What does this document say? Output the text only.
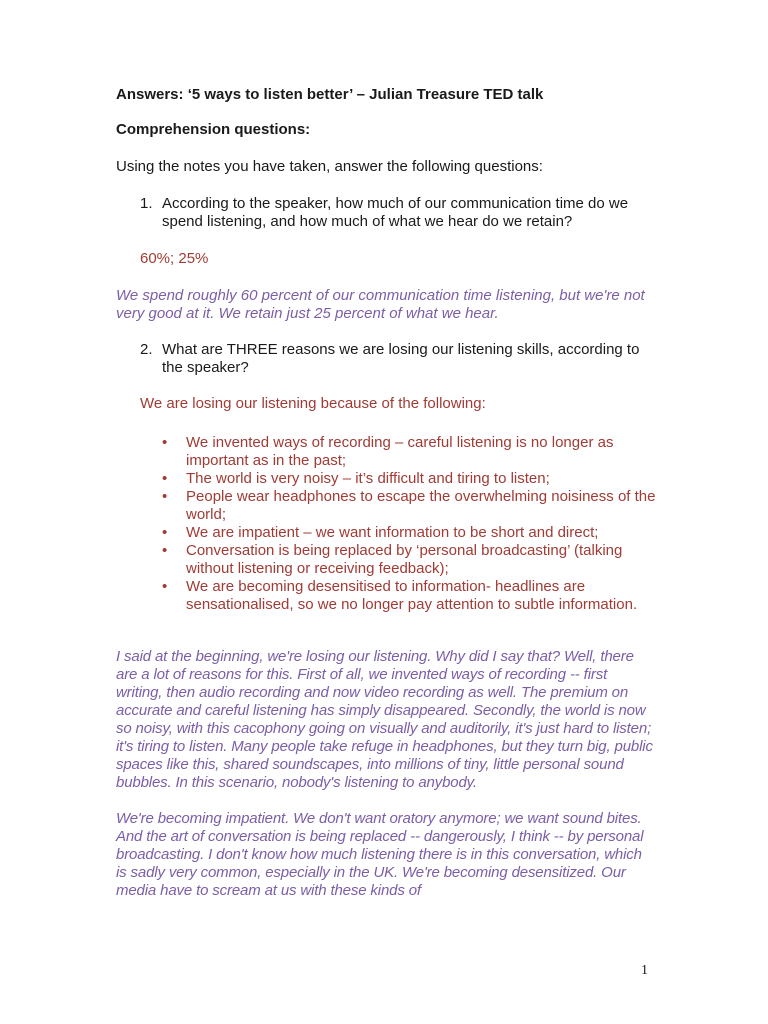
Answers: ‘5 ways to listen better’ – Julian Treasure TED talk
Comprehension questions:
Using the notes you have taken, answer the following questions:
1. According to the speaker, how much of our communication time do we spend listening, and how much of what we hear do we retain?
60%; 25%
We spend roughly 60 percent of our communication time listening, but we're not very good at it. We retain just 25 percent of what we hear.
2. What are THREE reasons we are losing our listening skills, according to the speaker?
We are losing our listening because of the following:
• We invented ways of recording – careful listening is no longer as important as in the past;
• The world is very noisy – it’s difficult and tiring to listen;
• People wear headphones to escape the overwhelming noisiness of the world;
• We are impatient – we want information to be short and direct;
• Conversation is being replaced by ‘personal broadcasting’ (talking without listening or receiving feedback);
• We are becoming desensitised to information- headlines are sensationalised, so we no longer pay attention to subtle information.
I said at the beginning, we're losing our listening. Why did I say that? Well, there are a lot of reasons for this. First of all, we invented ways of recording -- first writing, then audio recording and now video recording as well. The premium on accurate and careful listening has simply disappeared. Secondly, the world is now so noisy, with this cacophony going on visually and auditorily, it's just hard to listen; it's tiring to listen. Many people take refuge in headphones, but they turn big, public spaces like this, shared soundscapes, into millions of tiny, little personal sound bubbles. In this scenario, nobody's listening to anybody.
We're becoming impatient. We don't want oratory anymore; we want sound bites. And the art of conversation is being replaced -- dangerously, I think -- by personal broadcasting. I don't know how much listening there is in this conversation, which is sadly very common, especially in the UK. We're becoming desensitized. Our media have to scream at us with these kinds of
1
